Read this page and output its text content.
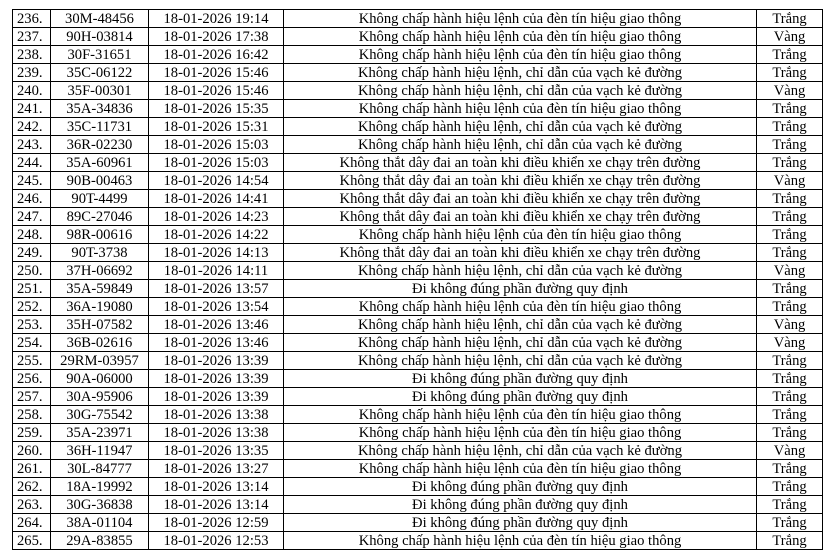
236.	30M-48456	18-01-2026 19:14	Không chấp hành hiệu lệnh của đèn tín hiệu giao thông	Trắng
237.	90H-03814	18-01-2026 17:38	Không chấp hành hiệu lệnh của đèn tín hiệu giao thông	Vàng
238.	30F-31651	18-01-2026 16:42	Không chấp hành hiệu lệnh của đèn tín hiệu giao thông	Trắng
239.	35C-06122	18-01-2026 15:46	Không chấp hành hiệu lệnh, chỉ dẫn của vạch kẻ đường	Trắng
240.	35F-00301	18-01-2026 15:46	Không chấp hành hiệu lệnh, chỉ dẫn của vạch kẻ đường	Vàng
241.	35A-34836	18-01-2026 15:35	Không chấp hành hiệu lệnh của đèn tín hiệu giao thông	Trắng
242.	35C-11731	18-01-2026 15:31	Không chấp hành hiệu lệnh, chỉ dẫn của vạch kẻ đường	Trắng
243.	36R-02230	18-01-2026 15:03	Không chấp hành hiệu lệnh, chỉ dẫn của vạch kẻ đường	Trắng
244.	35A-60961	18-01-2026 15:03	Không thắt dây đai an toàn khi điều khiển xe chạy trên đường	Trắng
245.	90B-00463	18-01-2026 14:54	Không thắt dây đai an toàn khi điều khiển xe chạy trên đường	Vàng
246.	90T-4499	18-01-2026 14:41	Không thắt dây đai an toàn khi điều khiển xe chạy trên đường	Trắng
247.	89C-27046	18-01-2026 14:23	Không thắt dây đai an toàn khi điều khiển xe chạy trên đường	Trắng
248.	98R-00616	18-01-2026 14:22	Không chấp hành hiệu lệnh của đèn tín hiệu giao thông	Trắng
249.	90T-3738	18-01-2026 14:13	Không thắt dây đai an toàn khi điều khiển xe chạy trên đường	Trắng
250.	37H-06692	18-01-2026 14:11	Không chấp hành hiệu lệnh, chỉ dẫn của vạch kẻ đường	Vàng
251.	35A-59849	18-01-2026 13:57	Đi không đúng phần đường quy định	Trắng
252.	36A-19080	18-01-2026 13:54	Không chấp hành hiệu lệnh của đèn tín hiệu giao thông	Trắng
253.	35H-07582	18-01-2026 13:46	Không chấp hành hiệu lệnh, chỉ dẫn của vạch kẻ đường	Vàng
254.	36B-02616	18-01-2026 13:46	Không chấp hành hiệu lệnh, chỉ dẫn của vạch kẻ đường	Vàng
255.	29RM-03957	18-01-2026 13:39	Không chấp hành hiệu lệnh, chỉ dẫn của vạch kẻ đường	Trắng
256.	90A-06000	18-01-2026 13:39	Đi không đúng phần đường quy định	Trắng
257.	30A-95906	18-01-2026 13:39	Đi không đúng phần đường quy định	Trắng
258.	30G-75542	18-01-2026 13:38	Không chấp hành hiệu lệnh của đèn tín hiệu giao thông	Trắng
259.	35A-23971	18-01-2026 13:38	Không chấp hành hiệu lệnh của đèn tín hiệu giao thông	Trắng
260.	36H-11947	18-01-2026 13:35	Không chấp hành hiệu lệnh, chỉ dẫn của vạch kẻ đường	Vàng
261.	30L-84777	18-01-2026 13:27	Không chấp hành hiệu lệnh của đèn tín hiệu giao thông	Trắng
262.	18A-19992	18-01-2026 13:14	Đi không đúng phần đường quy định	Trắng
263.	30G-36838	18-01-2026 13:14	Đi không đúng phần đường quy định	Trắng
264.	38A-01104	18-01-2026 12:59	Đi không đúng phần đường quy định	Trắng
265.	29A-83855	18-01-2026 12:53	Không chấp hành hiệu lệnh của đèn tín hiệu giao thông	Trắng
